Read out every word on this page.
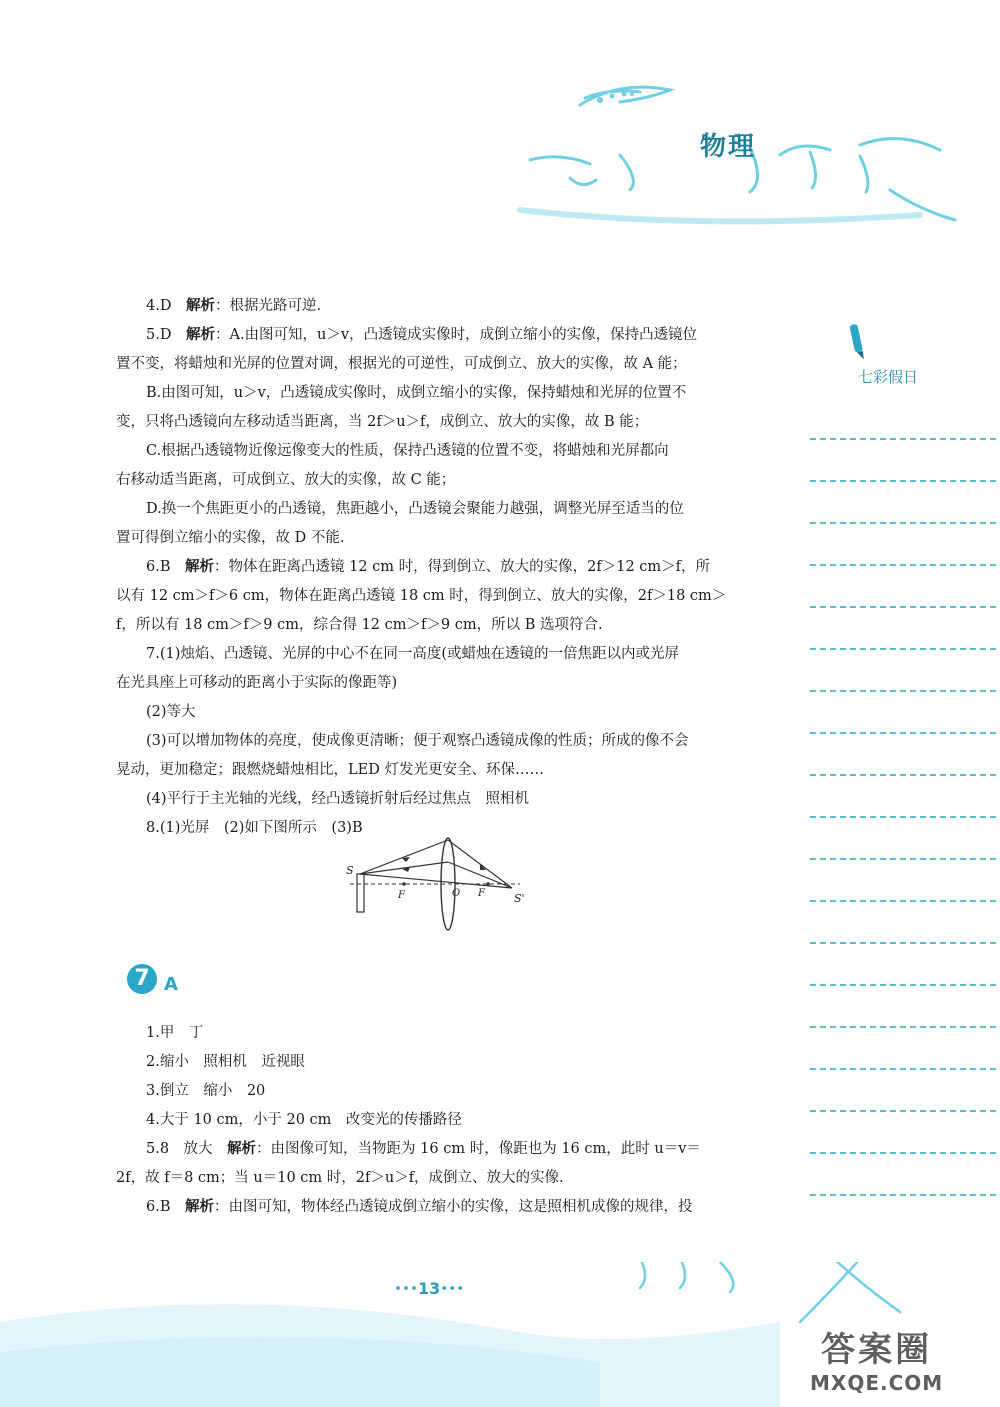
物理
七彩假日
4.D　 解析：根据光路可逆.
5.D　 解析：A.由图可知，u＞v，凸透镜成实像时，成倒立缩小的实像，保持凸透镜位
置不变，将蜡烛和光屏的位置对调，根据光的可逆性，可成倒立、放大的实像，故 A 能；
B.由图可知，u＞v，凸透镜成实像时，成倒立缩小的实像，保持蜡烛和光屏的位置不
变，只将凸透镜向左移动适当距离，当 2f＞u＞f，成倒立、放大的实像，故 B 能；
C.根据凸透镜物近像远像变大的性质，保持凸透镜的位置不变，将蜡烛和光屏都向
右移动适当距离，可成倒立、放大的实像，故 C 能；
D.换一个焦距更小的凸透镜，焦距越小，凸透镜会聚能力越强，调整光屏至适当的位
置可得倒立缩小的实像，故 D 不能.
6.B　 解析：物体在距离凸透镜 12 cm 时，得到倒立、放大的实像，2f＞12 cm＞f，所
以有 12 cm＞f＞6 cm，物体在距离凸透镜 18 cm 时，得到倒立、放大的实像，2f＞18 cm＞
f，所以有 18 cm＞f＞9 cm，综合得 12 cm＞f＞9 cm，所以 B 选项符合.
7.(1)烛焰、凸透镜、光屏的中心不在同一高度(或蜡烛在透镜的一倍焦距以内或光屏
在光具座上可移动的距离小于实际的像距等)
(2)等大
(3)可以增加物体的亮度，使成像更清晰；便于观察凸透镜成像的性质；所成的像不会
晃动，更加稳定；跟燃烧蜡烛相比，LED 灯发光更安全、环保……
(4)平行于主光轴的光线，经凸透镜折射后经过焦点　照相机
8.(1)光屏　(2)如下图所示　(3)B
1.甲　丁
2.缩小　照相机　近视眼
3.倒立　缩小　20
4.大于 10 cm，小于 20 cm　改变光的传播路径
5.8　放大　 解析：由图像可知，当物距为 16 cm 时，像距也为 16 cm，此时 u＝v＝
2f，故 f＝8 cm；当 u＝10 cm 时，2f＞u＞f，成倒立、放大的实像.
6.B　 解析：由图可知，物体经凸透镜成倒立缩小的实像，这是照相机成像的规律，投
S
F	O F	S'
7 A
･･･13･･･
答案圈
MXQE.COM
